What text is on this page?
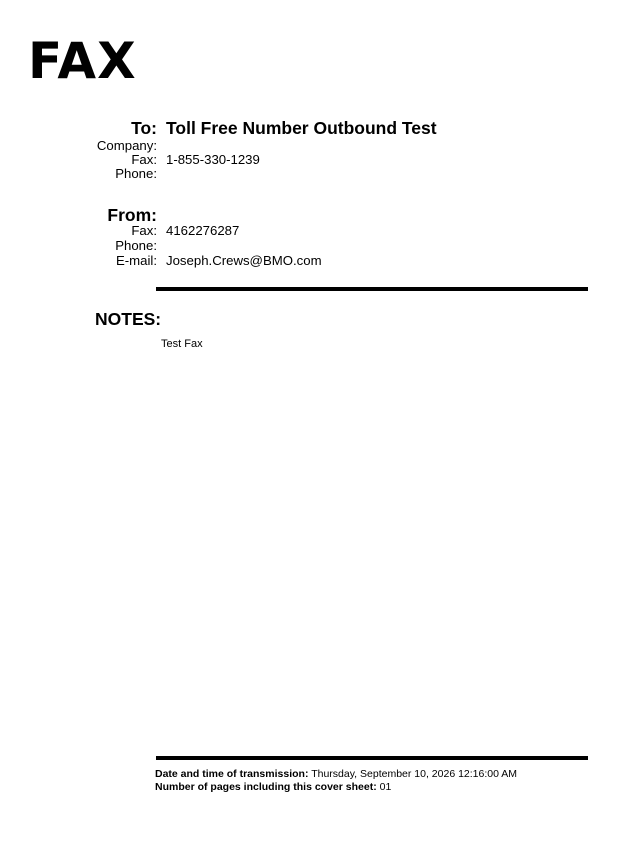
FAX
To: Toll Free Number Outbound Test
Company:
Fax: 1-855-330-1239
Phone:
From:
Fax: 4162276287
Phone:
E-mail: Joseph.Crews@BMO.com
NOTES:
Test Fax
Date and time of transmission: Thursday, September 10, 2026 12:16:00 AM
Number of pages including this cover sheet: 01
